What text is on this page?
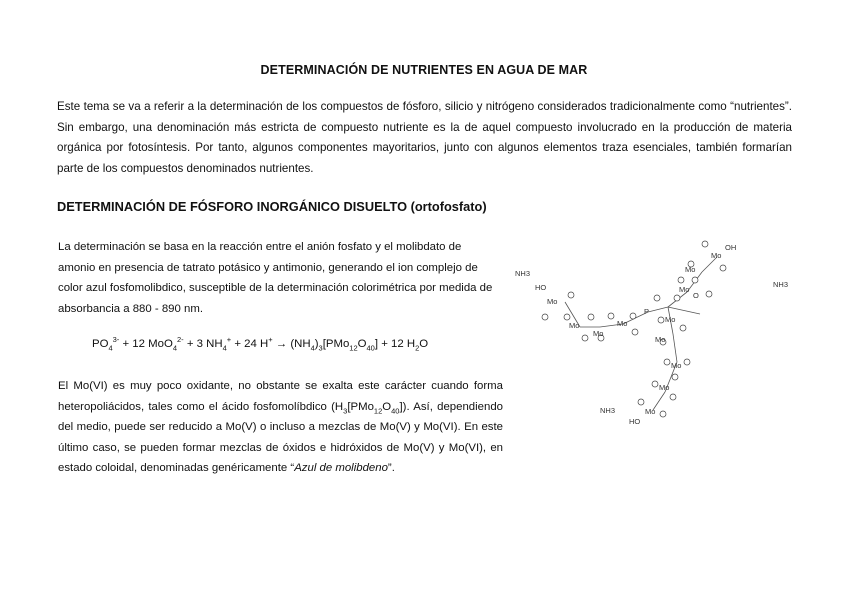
DETERMINACIÓN DE NUTRIENTES EN AGUA DE MAR
Este tema se va a referir a la determinación de los compuestos de fósforo, silicio y nitrógeno considerados tradicionalmente como “nutrientes”. Sin embargo, una denominación más estricta de compuesto nutriente es la de aquel compuesto involucrado en la producción de materia orgánica por fotosíntesis. Por tanto, algunos componentes mayoritarios, junto con algunos elementos traza esenciales, también formarían parte de los compuestos denominados nutrientes.
DETERMINACIÓN DE FÓSFORO INORGÁNICO DISUELTO (ortofosfato)
La determinación se basa en la reacción entre el anión fosfato y el molibdato de amonio en presencia de tatrato potásico y antimonio, generando el ion complejo de color azul fosfomolibdico, susceptible de la determinación colorimétrica por medida de absorbancia a 880 - 890 nm.
$PO_4^{3-} + 12$ MoO$_4^{2-}$ + 3 $NH_4^+ + 24$ $H^+ \to (NH_4)_3[PMo_{12}O_{40}] + 12$ $H_2O$
El Mo(VI) es muy poco oxidante, no obstante se exalta este carácter cuando forma heteropoliácidos, tales como el ácido fosfomolíbdico $(H_3[PMo_{12}O_{40}])$. Así, dependiendo del medio, puede ser reducido a Mo(V) o incluso a mezclas de Mo(V) y Mo(VI). En este último caso, se pueden formar mezclas de óxidos e hidróxidos de Mo(V) y Mo(VI), en estado coloidal, denominadas genéricamente “Azul de molibdeno”.
NH3
NH3
NH3
HO
HO
OH
Mo
Mo
Mo
Mo
P
Mo
Mo
Mo
Mo
Mo
Mo
Mo
Mo
O
